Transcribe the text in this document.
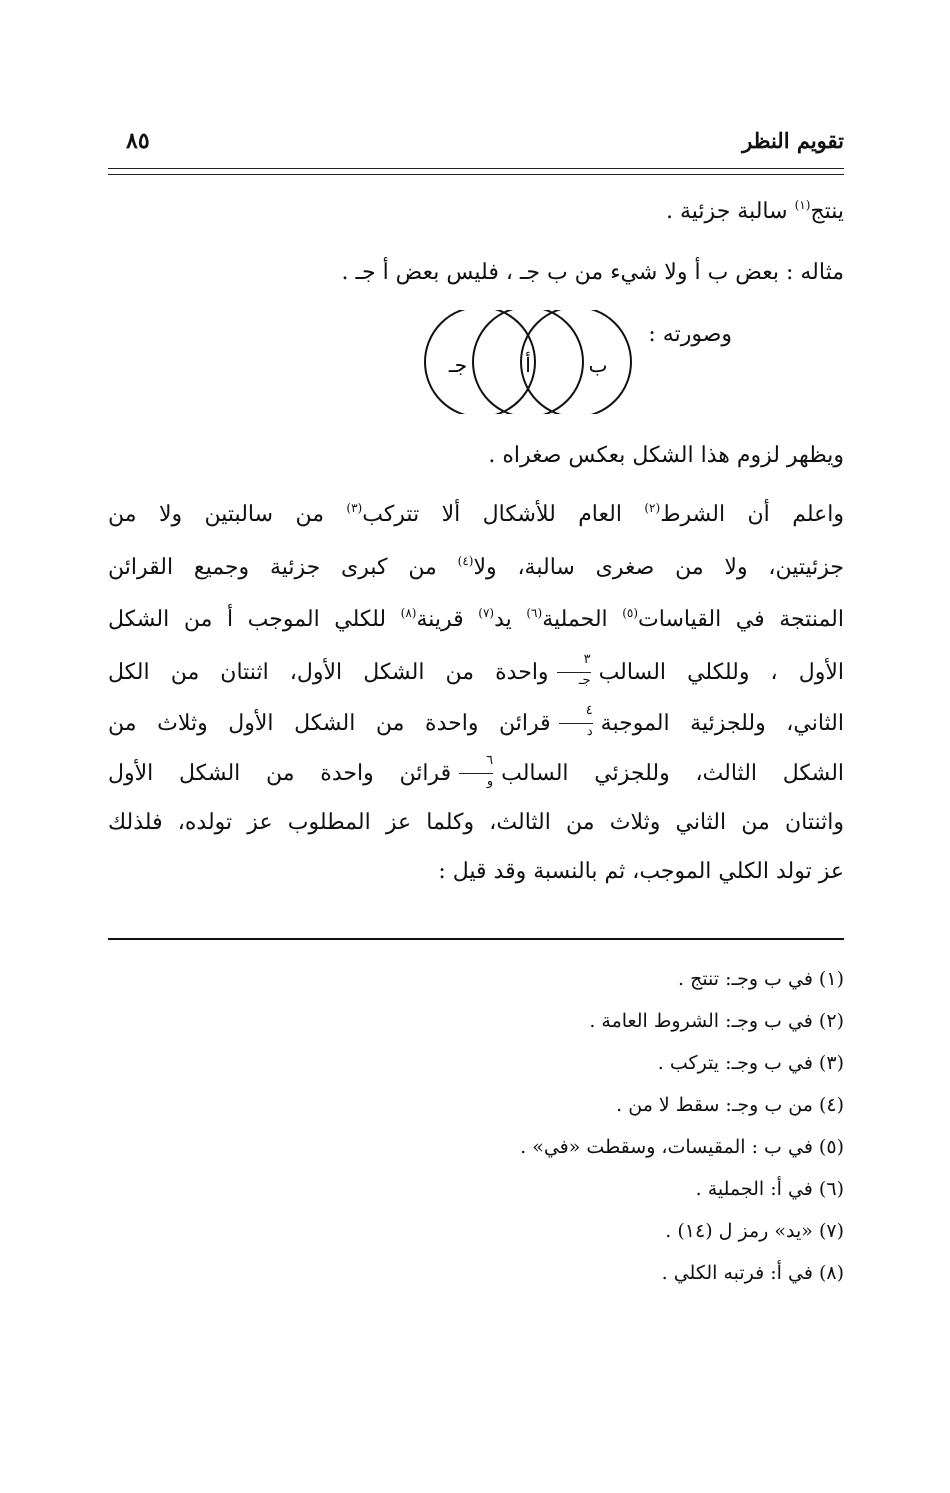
تقويم النظر
٨٥
ينتج$^{(١)}$ سالبة جزئية .
مثاله : بعض ب أ ولا شيء من ب جـ ، فليس بعض أ جـ .
وصورته :
ب
أ
جـ
ويظهر لزوم هذا الشكل بعكس صغراه .
واعلم أن الشرط$^{(٢)}$ العام للأشكال ألا تتركب$^{(٣)}$ من سالبتين ولا من
جزئيتين، ولا من صغرى سالبة، ولا$^{(٤)}$ من كبرى جزئية وجميع القرائن
المنتجة في القياسات$^{(٥)}$ الحملية$^{(٦)}$ يد$^{(٧)}$ قرينة$^{(٨)}$ للكلي الموجب أ من الشكل
الأول ، وللكلي السالب
$\frac{٣}{\text{جـ}}$
واحدة من الشكل الأول، اثنتان من الكل
الثاني، وللجزئية الموجبة
$\frac{٤}{\text{د}}$
قرائن واحدة من الشكل الأول وثلاث من
الشكل الثالث، وللجزئي السالب
$\frac{٦}{\text{و}}$
قرائن واحدة من الشكل الأول
واثنتان من الثاني وثلاث من الثالث، وكلما عز المطلوب عز تولده، فلذلك
عز تولد الكلي الموجب، ثم بالنسبة وقد قيل :
(١) في ب وجـ: تنتج .
(٢) في ب وجـ: الشروط العامة .
(٣) في ب وجـ: يتركب .
(٤) من ب وجـ: سقط لا من .
(٥) في ب : المقيسات، وسقطت «في» .
(٦) في أ: الجملية .
(٧) «يد» رمز ل (١٤) .
(٨) في أ: فرتبه الكلي .
